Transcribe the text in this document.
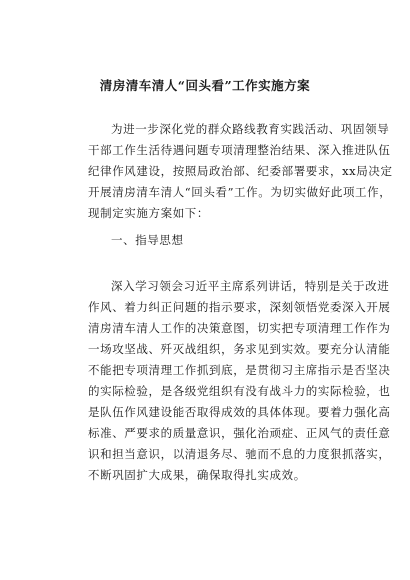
清房清车清人“回头看”工作实施方案
为进一步深化党的群众路线教育实践活动、巩固领导
干部工作生活待遇问题专项清理整治结果、深入推进队伍
纪律作风建设，按照局政治部、纪委部署要求，xx局决定
开展清房清车清人“回头看”工作。为切实做好此项工作，
现制定实施方案如下：
一、指导思想
深入学习领会习近平主席系列讲话，特别是关于改进
作风、着力纠正问题的指示要求，深刻领悟党委深入开展
清房清车清人工作的决策意图，切实把专项清理工作作为
一场攻坚战、歼灭战组织，务求见到实效。要充分认清能
不能把专项清理工作抓到底，是贯彻习主席指示是否坚决
的实际检验，是各级党组织有没有战斗力的实际检验，也
是队伍作风建设能否取得成效的具体体现。要着力强化高
标准、严要求的质量意识，强化治顽症、正风气的责任意
识和担当意识，以清退务尽、驰而不息的力度狠抓落实，
不断巩固扩大成果，确保取得扎实成效。
